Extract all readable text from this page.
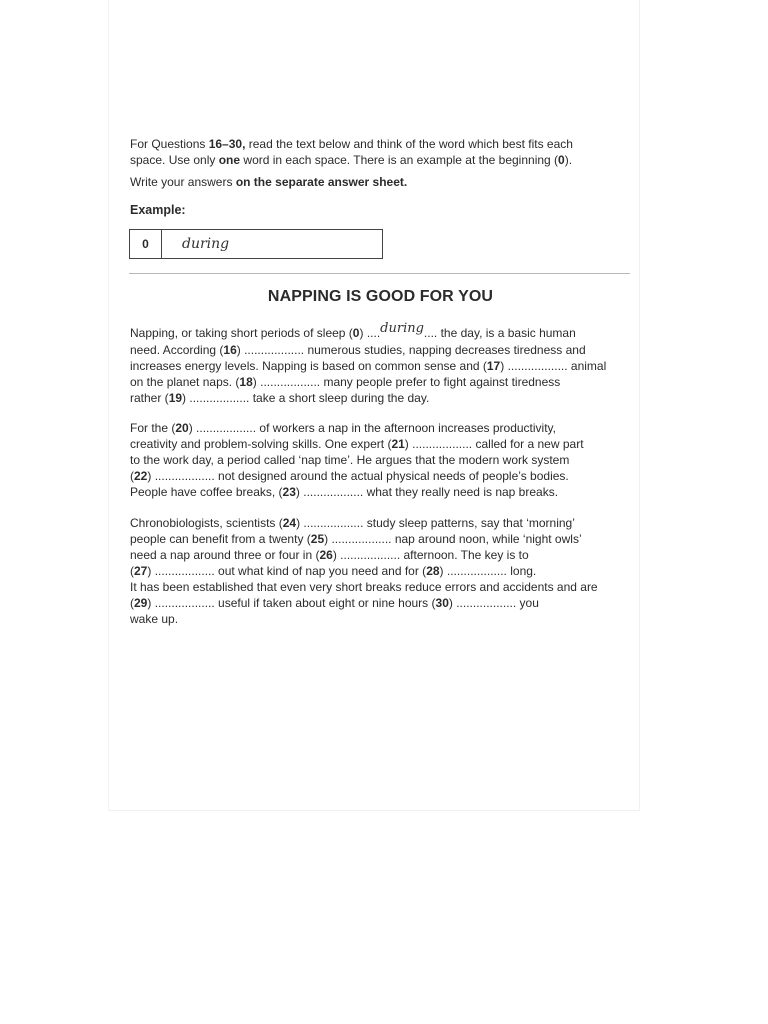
For Questions 16–30, read the text below and think of the word which best fits each

space. Use only one word in each space. There is an example at the beginning (0).

Write your answers on the separate answer sheet.
Example:
0	during
NAPPING IS GOOD FOR YOU

Napping, or taking short periods of sleep (0) ....during.... the day, is a basic human
need. According (16) .................. numerous studies, napping decreases tiredness and
increases energy levels. Napping is based on common sense and (17) .................. animal
on the planet naps. (18) .................. many people prefer to fight against tiredness
rather (19) .................. take a short sleep during the day.

For the (20) .................. of workers a nap in the afternoon increases productivity,
creativity and problem-solving skills. One expert (21) .................. called for a new part
to the work day, a period called ‘nap time’. He argues that the modern work system
(22) .................. not designed around the actual physical needs of people’s bodies.
People have coffee breaks, (23) .................. what they really need is nap breaks.

Chronobiologists, scientists (24) .................. study sleep patterns, say that ‘morning’
people can benefit from a twenty (25) .................. nap around noon, while ‘night owls’
need a nap around three or four in (26) .................. afternoon. The key is to
(27) .................. out what kind of nap you need and for (28) .................. long.
It has been established that even very short breaks reduce errors and accidents and are
(29) .................. useful if taken about eight or nine hours (30) .................. you
wake up.
